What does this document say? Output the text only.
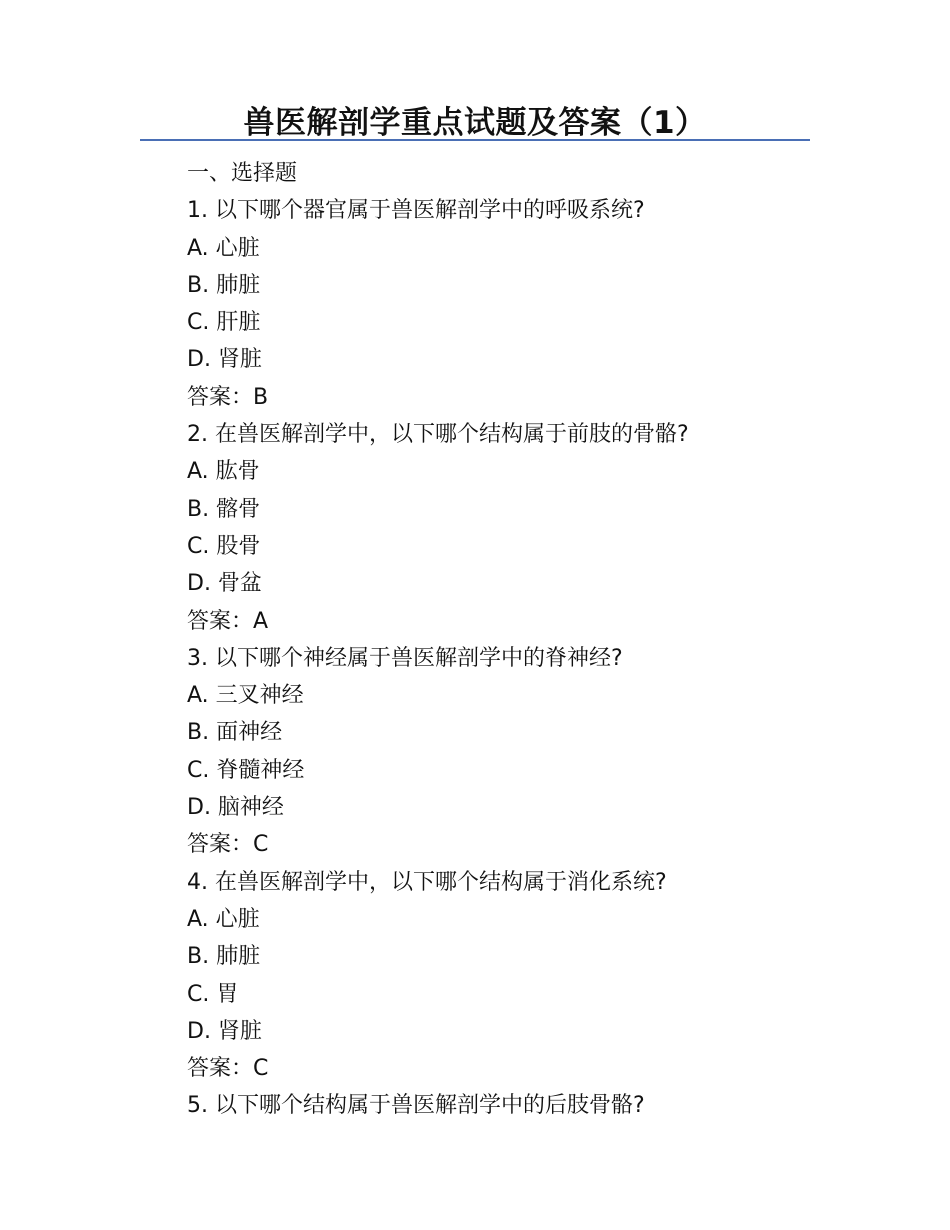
兽医解剖学重点试题及答案（1）

一、选择题

1. 以下哪个器官属于兽医解剖学中的呼吸系统?

A. 心脏

B. 肺脏

C. 肝脏

D. 肾脏

答案：B

2. 在兽医解剖学中，以下哪个结构属于前肢的骨骼?

A. 肱骨

B. 髂骨

C. 股骨

D. 骨盆

答案：A

3. 以下哪个神经属于兽医解剖学中的脊神经?

A. 三叉神经

B. 面神经

C. 脊髓神经

D. 脑神经

答案：C

4. 在兽医解剖学中，以下哪个结构属于消化系统?

A. 心脏

B. 肺脏

C. 胃

D. 肾脏

答案：C

5. 以下哪个结构属于兽医解剖学中的后肢骨骼?
